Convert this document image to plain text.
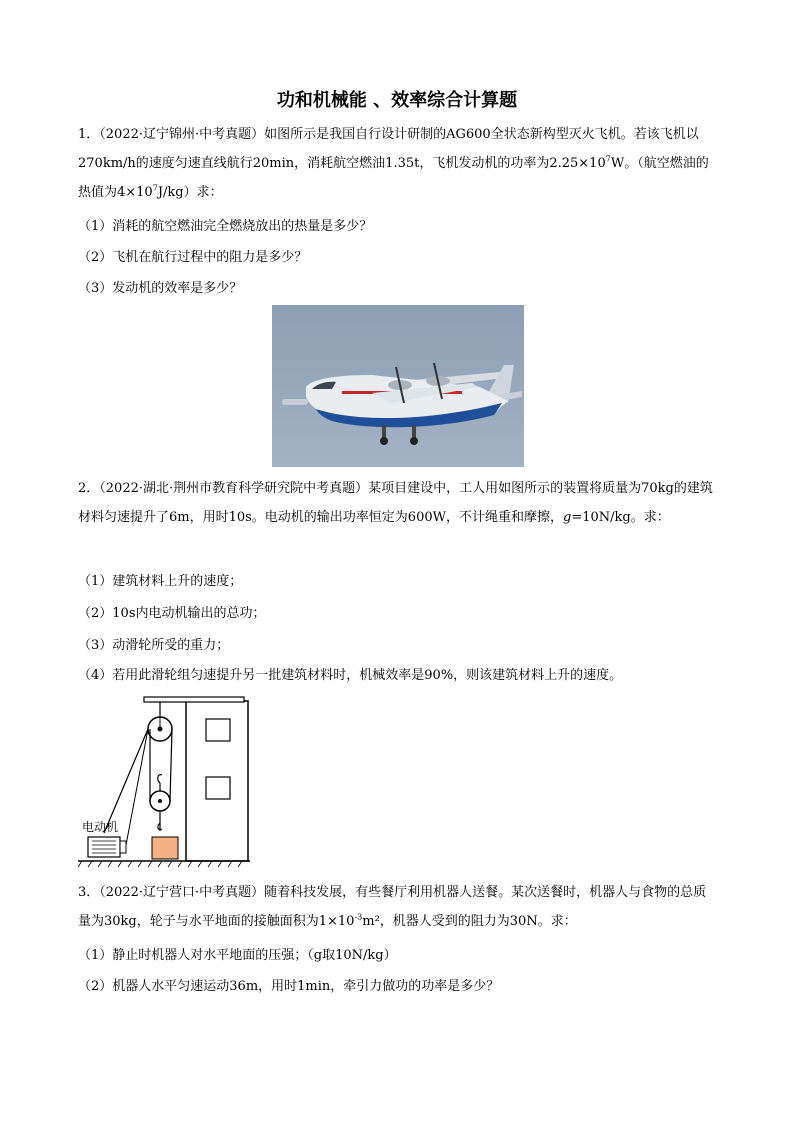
功和机械能 、效率综合计算题
1．（2022·辽宁锦州·中考真题）如图所示是我国自行设计研制的AG600全状态新构型灭火飞机。若该飞机以270km/h的速度匀速直线航行20min，消耗航空燃油1.35t，飞机发动机的功率为$2.25\times 10^7W$。（航空燃油的热值为$4\times 10^7J/kg$）求：
（1）消耗的航空燃油完全燃烧放出的热量是多少？
（2）飞机在航行过程中的阻力是多少？
（3）发动机的效率是多少？
2．（2022·湖北·荆州市教育科学研究院中考真题）某项目建设中，工人用如图所示的装置将质量为70kg的建筑材料匀速提升了6m，用时10s。电动机的输出功率恒定为600W，不计绳重和摩擦，g=10N/kg。求：
（1）建筑材料上升的速度；
（2）10s内电动机输出的总功；
（3）动滑轮所受的重力；
（4）若用此滑轮组匀速提升另一批建筑材料时，机械效率是90%，则该建筑材料上升的速度。
电动机
3．（2022·辽宁营口·中考真题）随着科技发展，有些餐厅利用机器人送餐。某次送餐时，机器人与食物的总质量为30kg，轮子与水平地面的接触面积为$1\times 10^{-3}m^2$，机器人受到的阻力为30N。求：
（1）静止时机器人对水平地面的压强；（g取10N/kg）
（2）机器人水平匀速运动36m，用时1min，牵引力做功的功率是多少？
